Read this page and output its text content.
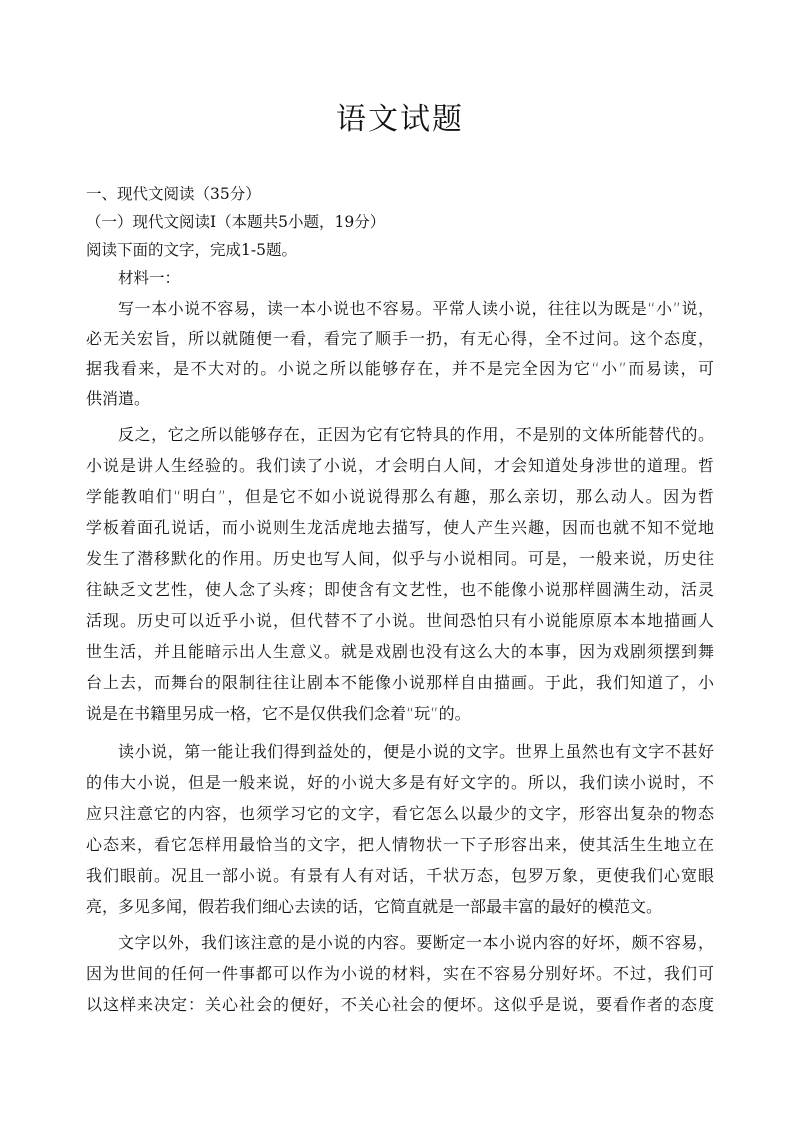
语文试题
一、现代文阅读（35分）
（一）现代文阅读Ⅰ（本题共5小题，19分）
阅读下面的文字，完成1-5题。
材料一：
写一本小说不容易，读一本小说也不容易。平常人读小说，往往以为既是“小”说，
必无关宏旨，所以就随便一看，看完了顺手一扔，有无心得，全不过问。这个态度，
据我看来，是不大对的。小说之所以能够存在，并不是完全因为它“小”而易读，可
供消遣。
反之，它之所以能够存在，正因为它有它特具的作用，不是别的文体所能替代的。
小说是讲人生经验的。我们读了小说，才会明白人间，才会知道处身涉世的道理。哲
学能教咱们“明白”，但是它不如小说说得那么有趣，那么亲切，那么动人。因为哲
学板着面孔说话，而小说则生龙活虎地去描写，使人产生兴趣，因而也就不知不觉地
发生了潜移默化的作用。历史也写人间，似乎与小说相同。可是，一般来说，历史往
往缺乏文艺性，使人念了头疼；即使含有文艺性，也不能像小说那样圆满生动，活灵
活现。历史可以近乎小说，但代替不了小说。世间恐怕只有小说能原原本本地描画人
世生活，并且能暗示出人生意义。就是戏剧也没有这么大的本事，因为戏剧须摆到舞
台上去，而舞台的限制往往让剧本不能像小说那样自由描画。于此，我们知道了，小
说是在书籍里另成一格，它不是仅供我们念着“玩”的。
读小说，第一能让我们得到益处的，便是小说的文字。世界上虽然也有文字不甚好
的伟大小说，但是一般来说，好的小说大多是有好文字的。所以，我们读小说时，不
应只注意它的内容，也须学习它的文字，看它怎么以最少的文字，形容出复杂的物态
心态来，看它怎样用最恰当的文字，把人情物状一下子形容出来，使其活生生地立在
我们眼前。况且一部小说。有景有人有对话，千状万态，包罗万象，更使我们心宽眼
亮，多见多闻，假若我们细心去读的话，它简直就是一部最丰富的最好的模范文。
文字以外，我们该注意的是小说的内容。要断定一本小说内容的好坏，颇不容易，
因为世间的任何一件事都可以作为小说的材料，实在不容易分别好坏。不过，我们可
以这样来决定：关心社会的便好，不关心社会的便坏。这似乎是说，要看作者的态度
